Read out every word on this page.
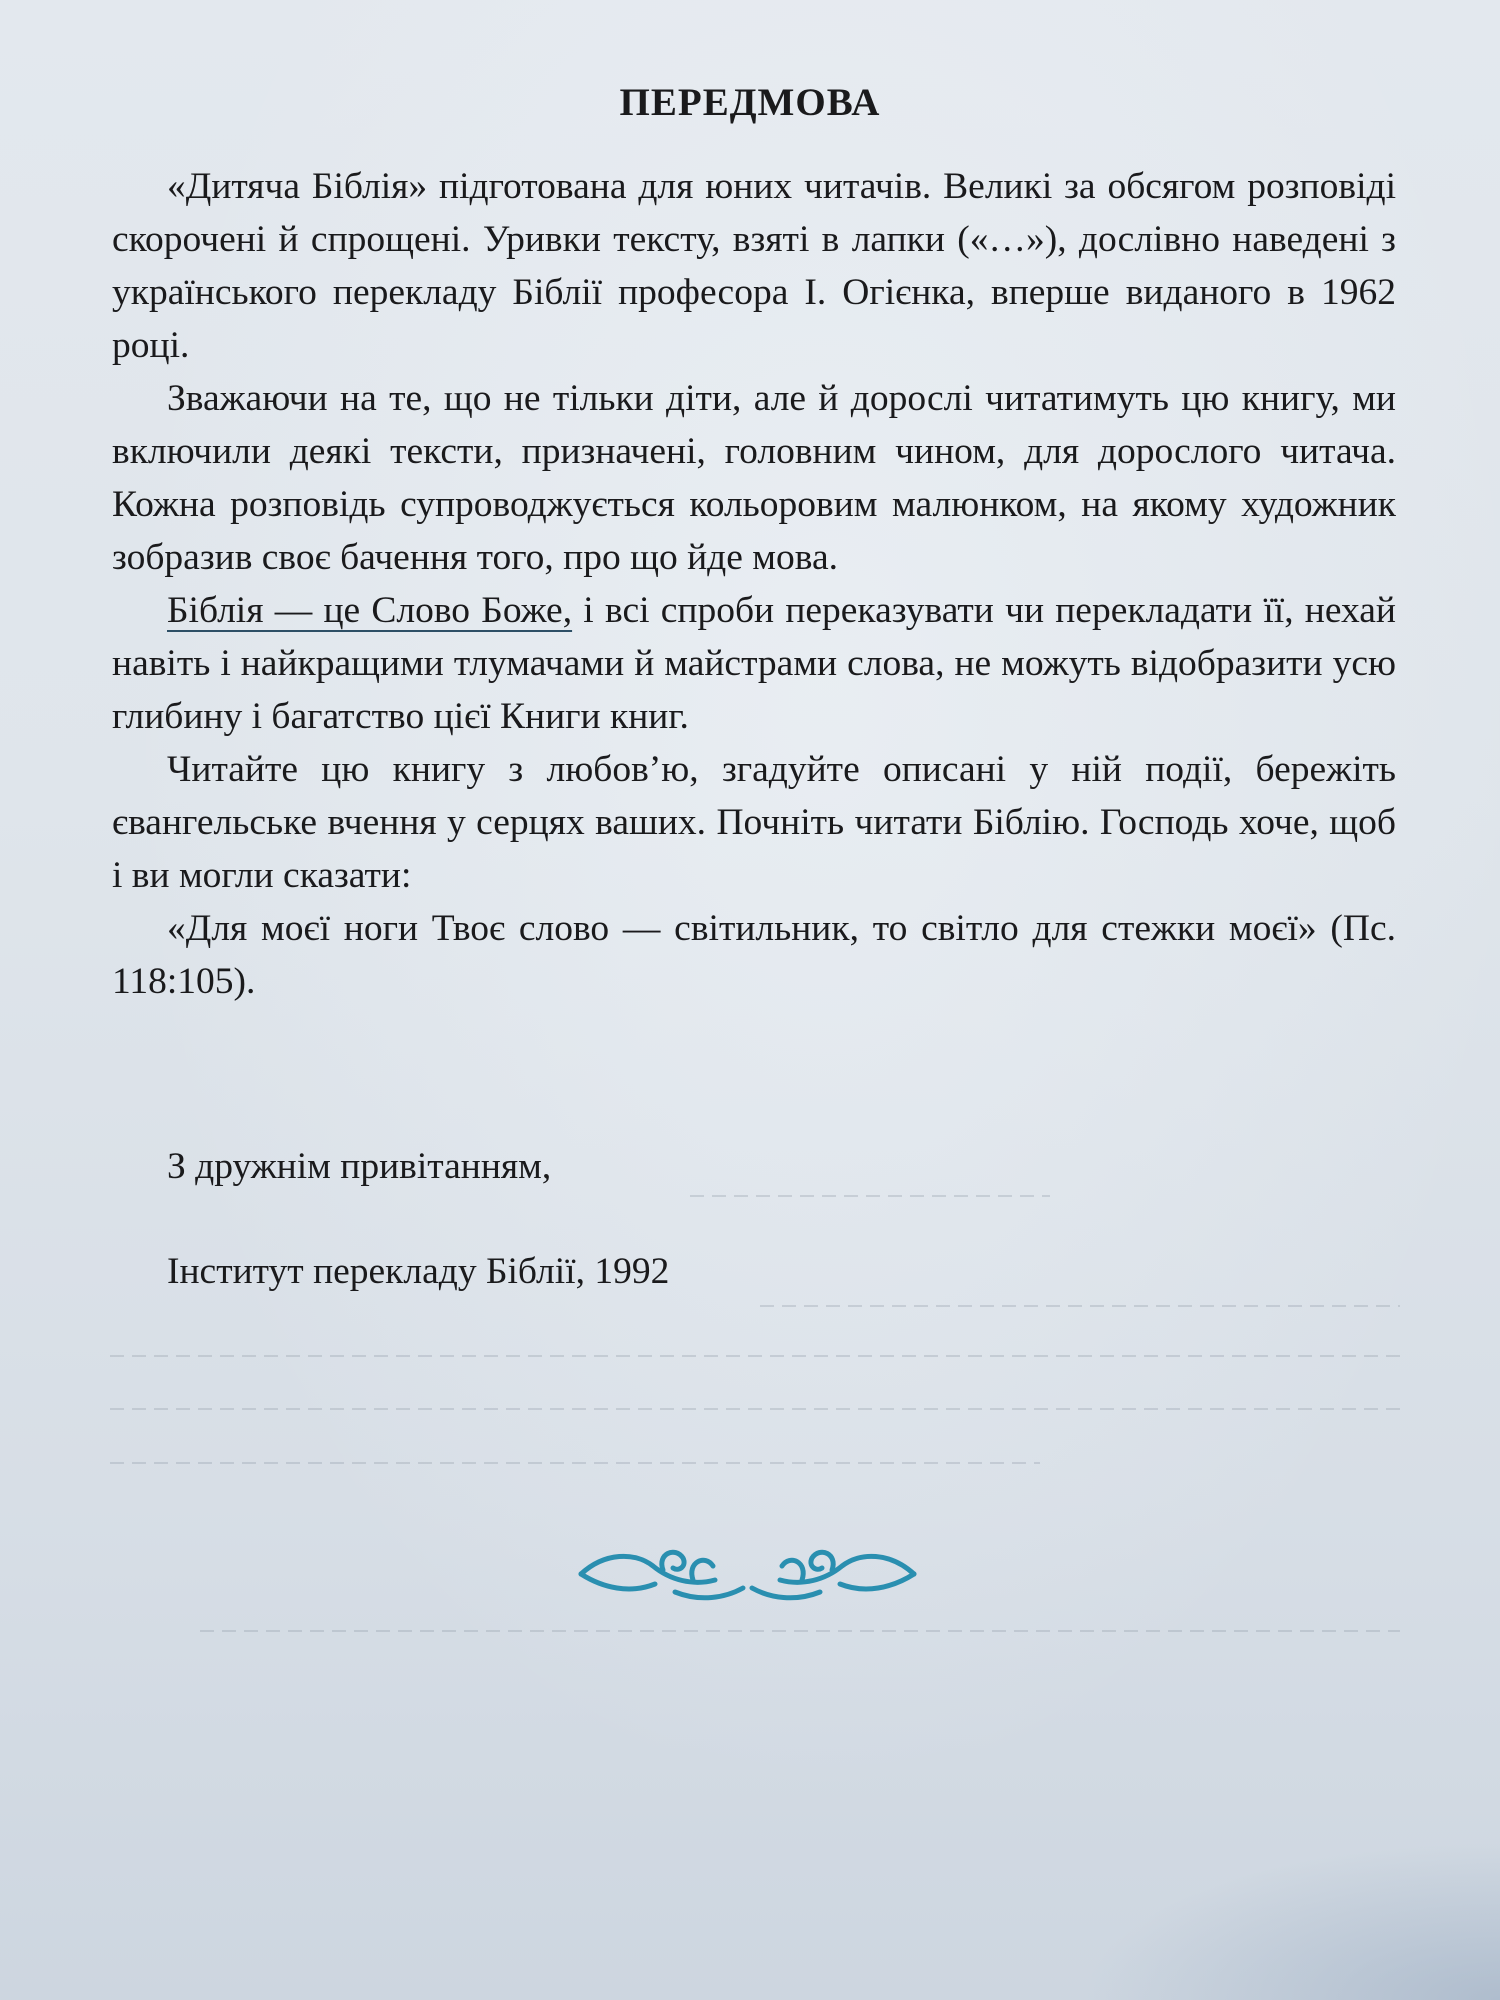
ПЕРЕДМОВА

«Дитяча Біблія» підготована для юних читачів. Великі за обсягом розповіді скорочені й спрощені. Уривки тексту, взяті в лапки («…»), дослівно наведені з українського перекладу Біблії професора І. Огієнка, вперше виданого в 1962 році.

Зважаючи на те, що не тільки діти, але й дорослі читатимуть цю книгу, ми включили деякі тексти, призначені, головним чином, для дорослого читача. Кожна розповідь супроводжується кольоровим малюнком, на якому художник зобразив своє бачення того, про що йде мова.

Біблія — це Слово Боже, і всі спроби переказувати чи перекладати її, нехай навіть і найкращими тлумачами й майстрами слова, не можуть відобразити усю глибину і багатство цієї Книги книг.

Читайте цю книгу з любов’ю, згадуйте описані у ній події, бережіть євангельське вчення у серцях ваших. Почніть читати Біблію. Господь хоче, щоб і ви могли сказати:

«Для моєї ноги Твоє слово — світильник, то світло для стежки моєї» (Пс. 118:105).

З дружнім привітанням,

Інститут перекладу Біблії, 1992
